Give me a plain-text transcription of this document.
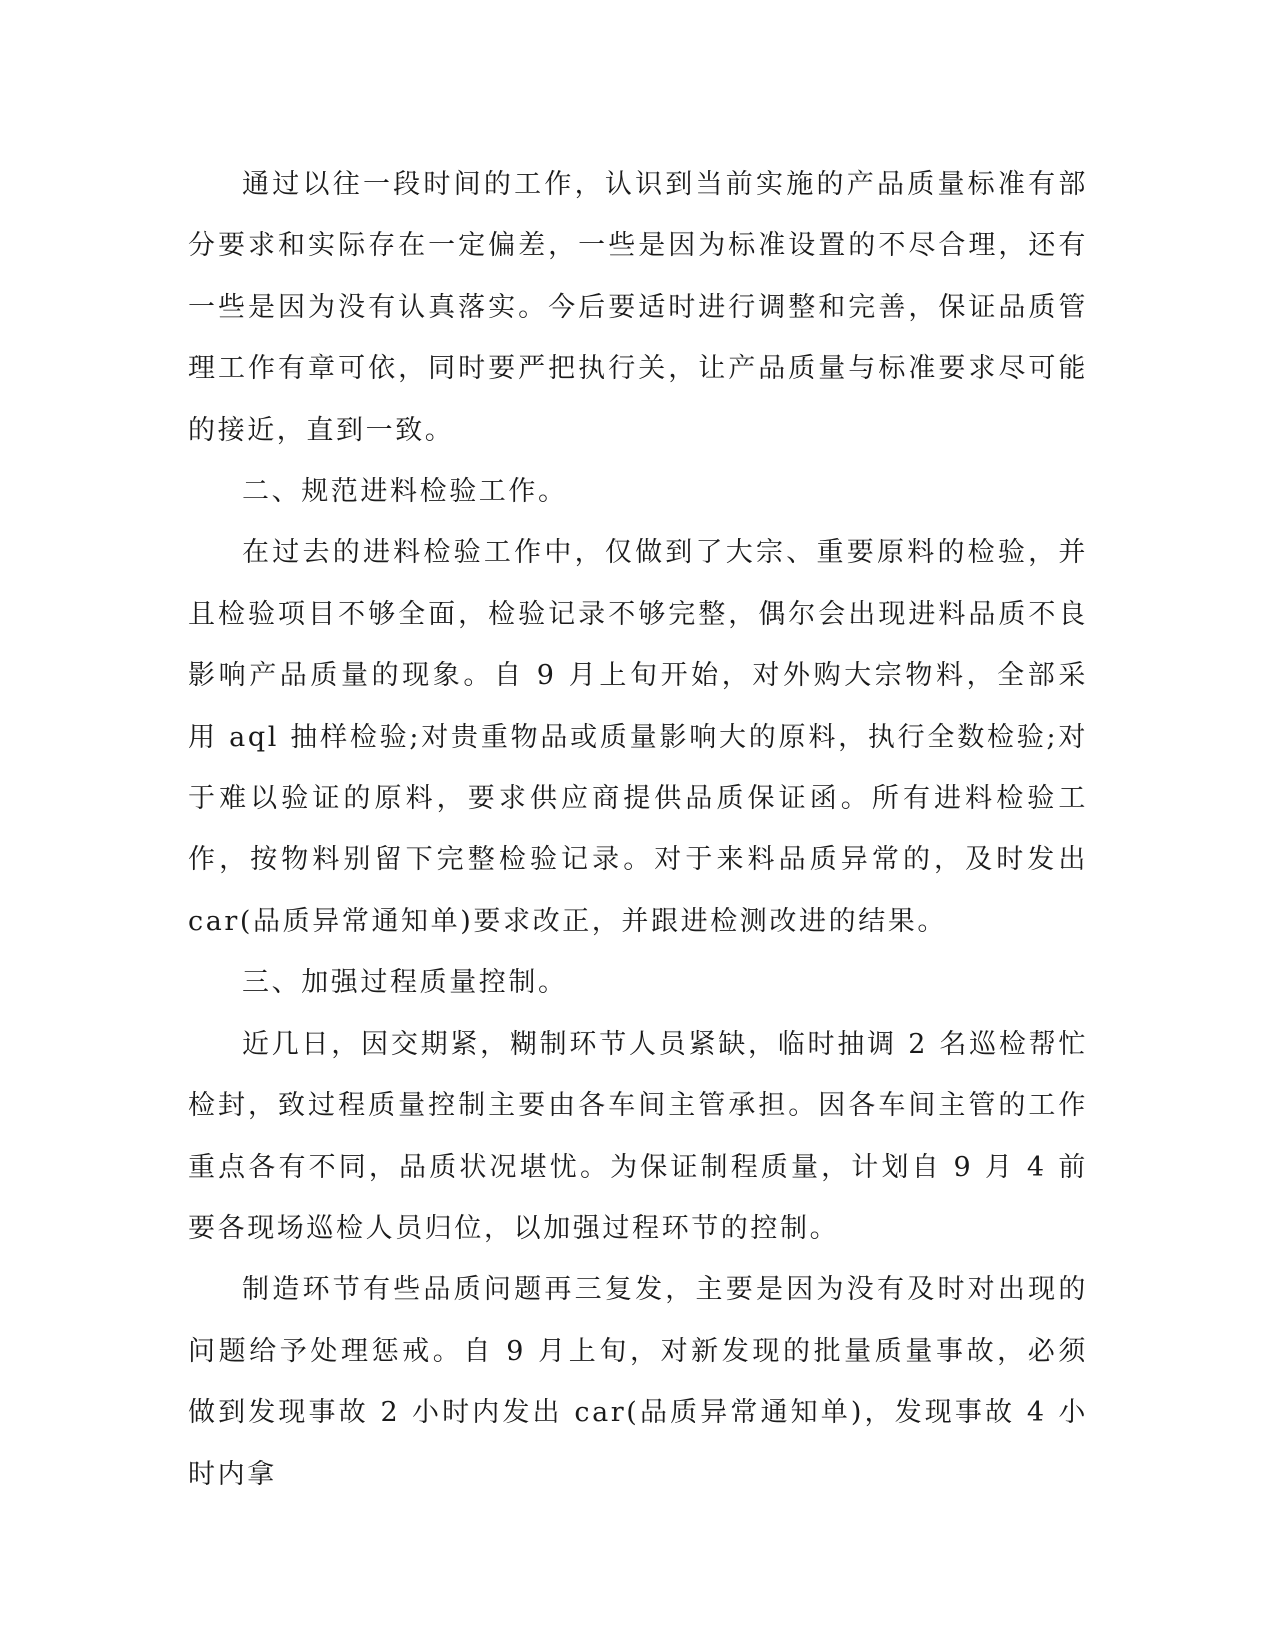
通过以往一段时间的工作，认识到当前实施的产品质量标准有部分要求和实际存在一定偏差，一些是因为标准设置的不尽合理，还有一些是因为没有认真落实。今后要适时进行调整和完善，保证品质管理工作有章可依，同时要严把执行关，让产品质量与标准要求尽可能的接近，直到一致。

二、规范进料检验工作。

在过去的进料检验工作中，仅做到了大宗、重要原料的检验，并且检验项目不够全面，检验记录不够完整，偶尔会出现进料品质不良影响产品质量的现象。自 9 月上旬开始，对外购大宗物料，全部采用 aql 抽样检验;对贵重物品或质量影响大的原料，执行全数检验;对于难以验证的原料，要求供应商提供品质保证函。所有进料检验工作，按物料别留下完整检验记录。对于来料品质异常的，及时发出 car(品质异常通知单)要求改正，并跟进检测改进的结果。

三、加强过程质量控制。

近几日，因交期紧，糊制环节人员紧缺，临时抽调 2 名巡检帮忙检封，致过程质量控制主要由各车间主管承担。因各车间主管的工作重点各有不同，品质状况堪忧。为保证制程质量，计划自 9 月 4 前要各现场巡检人员归位，以加强过程环节的控制。

制造环节有些品质问题再三复发，主要是因为没有及时对出现的问题给予处理惩戒。自 9 月上旬，对新发现的批量质量事故，必须做到发现事故 2 小时内发出 car(品质异常通知单)，发现事故 4 小时内拿
